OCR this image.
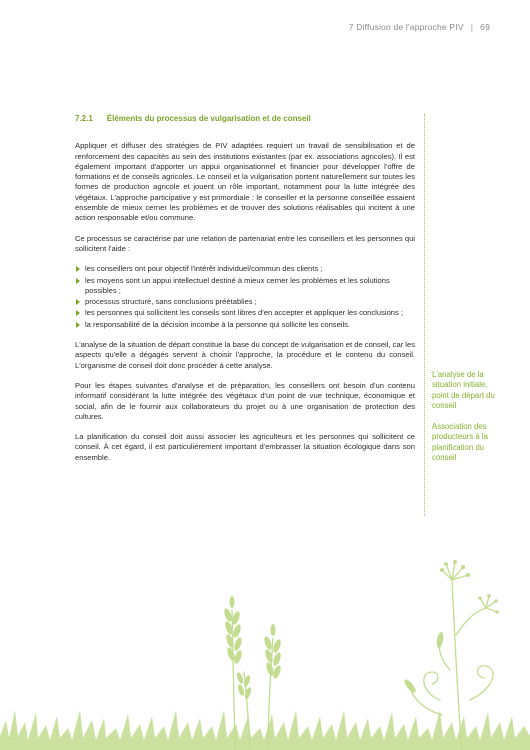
7 Diffusion de l'approche PIV | 69
7.2.1 Éléments du processus de vulgarisation et de conseil

Appliquer et diffuser des stratégies de PIV adaptées requiert un travail de sensibilisation et de renforcement des capacités au sein des institutions existantes (par ex. associations agricoles). Il est également important d'apporter un appui organisationnel et financier pour développer l'offre de formations et de conseils agricoles. Le conseil et la vulgarisation portent naturellement sur toutes les formes de production agricole et jouent un rôle important, notamment pour la lutte intégrée des végétaux. L'approche participative y est primordiale : le conseiller et la personne conseillée essaient ensemble de mieux cerner les problèmes et de trouver des solutions réalisables qui incitent à une action responsable et/ou commune.

Ce processus se caractérise par une relation de partenariat entre les conseillers et les personnes qui sollicitent l'aide :

les conseillers ont pour objectif l'intérêt individuel/commun des clients ;
les moyens sont un appui intellectuel destiné à mieux cerner les problèmes et les solutions possibles ;
processus structuré, sans conclusions préétablies ;
les personnes qui sollicitent les conseils sont libres d'en accepter et appliquer les conclusions ;
la responsabilité de la décision incombe à la personne qui sollicite les conseils.

L'analyse de la situation de départ constitue la base du concept de vulgarisation et de conseil, car les aspects qu'elle a dégagés servent à choisir l'approche, la procédure et le contenu du conseil. L'organisme de conseil doit donc procéder à cette analyse.

Pour les étapes suivantes d'analyse et de préparation, les conseillers ont besoin d'un contenu informatif considérant la lutte intégrée des végétaux d'un point de vue technique, économique et social, afin de le fournir aux collaborateurs du projet ou à une organisation de protection des cultures.

La planification du conseil doit aussi associer les agriculteurs et les personnes qui sollicitent ce conseil. À cet égard, il est particulièrement important d'embrasser la situation écologique dans son ensemble.

L'analyse de la situation initiale, point de départ du conseil

Association des producteurs à la planification du conseil
